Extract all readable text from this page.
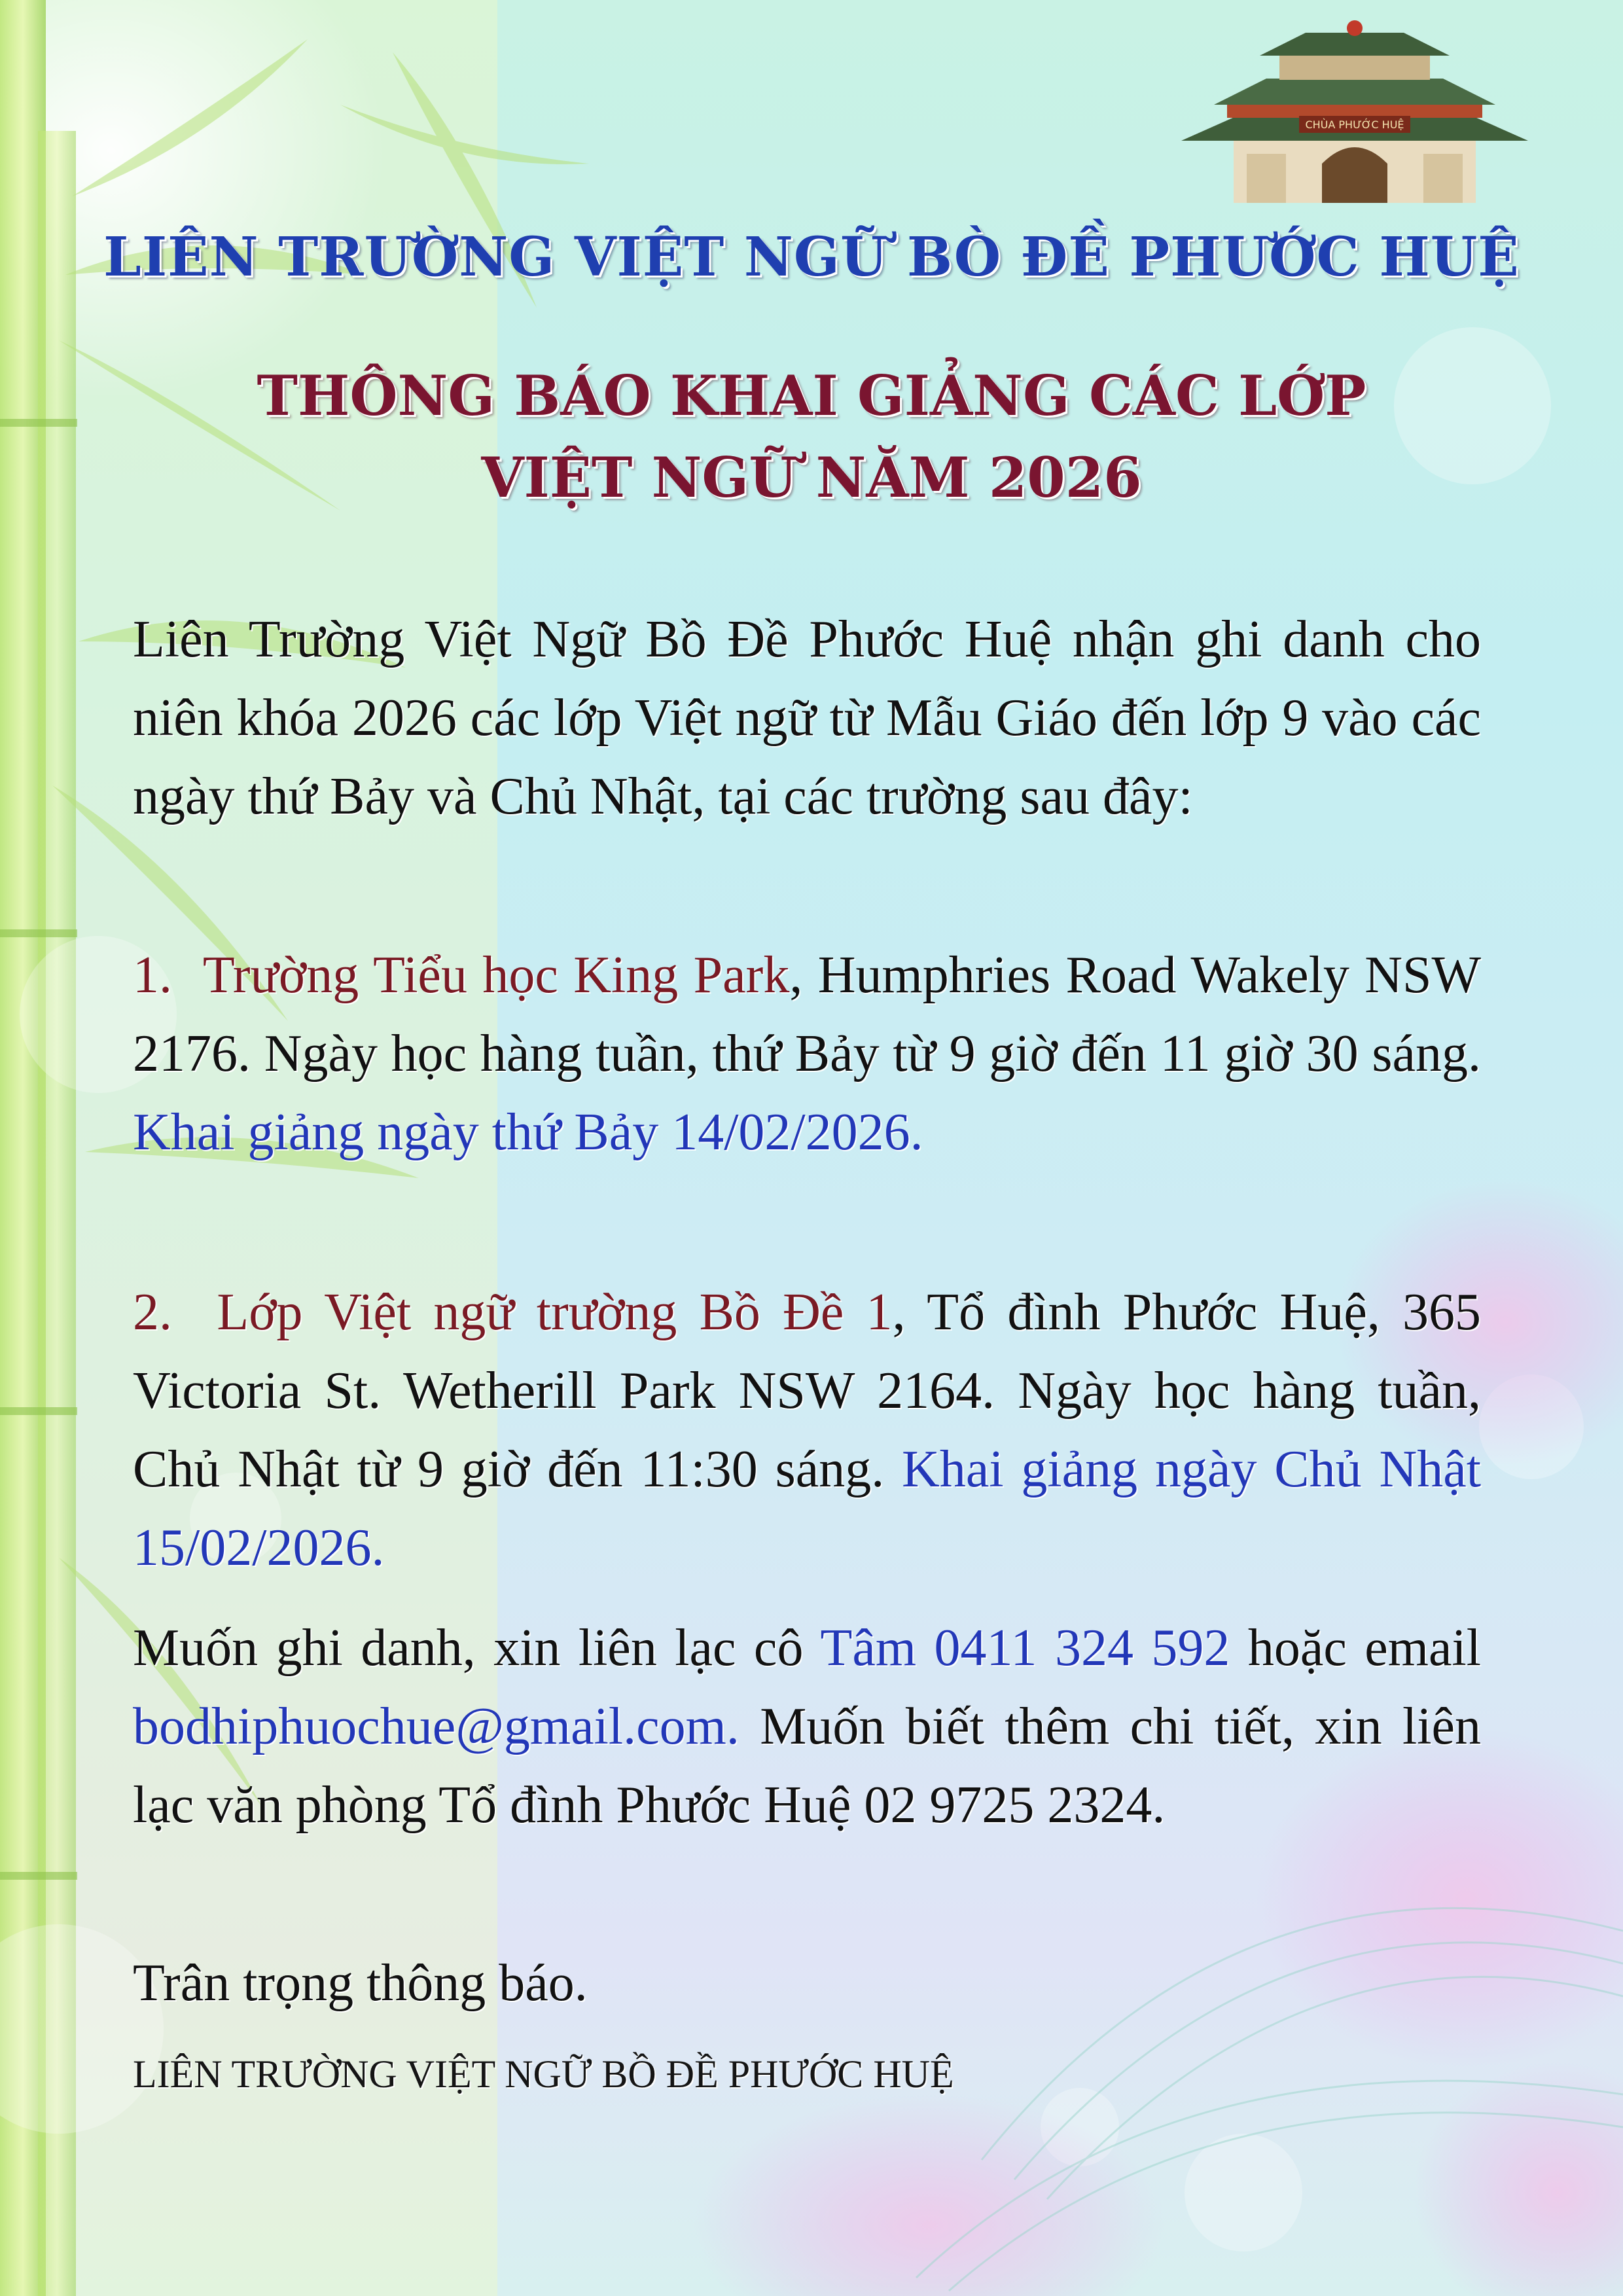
CHÙA PHƯỚC HUỆ
LIÊN TRƯỜNG VIỆT NGỮ BÒ ĐỀ PHƯỚC HUỆ
THÔNG BÁO KHAI GIẢNG CÁC LỚP
VIỆT NGỮ NĂM 2026
Liên Trường Việt Ngữ Bồ Đề Phước Huệ nhận ghi danh cho niên khóa 2026 các lớp Việt ngữ từ Mẫu Giáo đến lớp 9 vào các ngày thứ Bảy và Chủ Nhật, tại các trường sau đây:
1. Trường Tiểu học King Park, Humphries Road Wakely NSW 2176. Ngày học hàng tuần, thứ Bảy từ 9 giờ đến 11 giờ 30 sáng. Khai giảng ngày thứ Bảy 14/02/2026.
2. Lớp Việt ngữ trường Bồ Đề 1, Tổ đình Phước Huệ, 365 Victoria St. Wetherill Park NSW 2164. Ngày học hàng tuần, Chủ Nhật từ 9 giờ đến 11:30 sáng. Khai giảng ngày Chủ Nhật 15/02/2026.
Muốn ghi danh, xin liên lạc cô Tâm 0411 324 592 hoặc email bodhiphuochue@gmail.com. Muốn biết thêm chi tiết, xin liên lạc văn phòng Tổ đình Phước Huệ 02 9725 2324.
Trân trọng thông báo.
LIÊN TRƯỜNG VIỆT NGỮ BỒ ĐỀ PHƯỚC HUỆ
